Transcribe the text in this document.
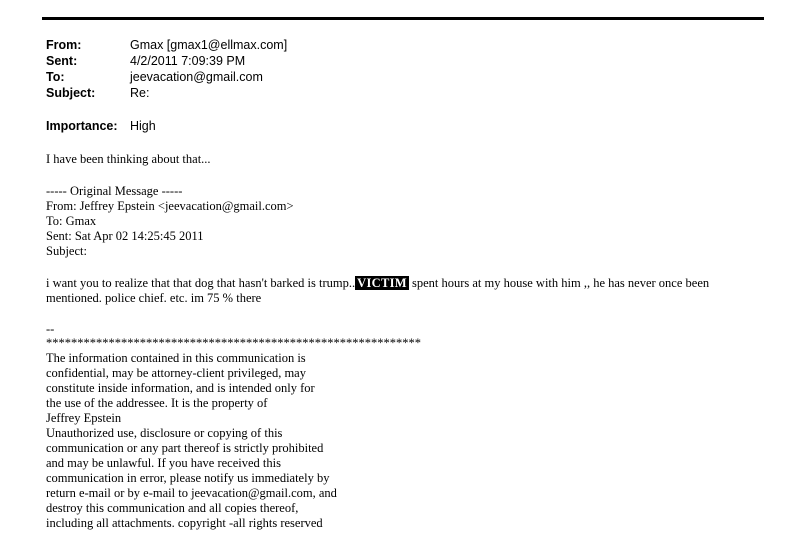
From:	Gmax [gmax1@ellmax.com]
Sent:	4/2/2011 7:09:39 PM
To:	jeevacation@gmail.com
Subject:	Re:
Importance: High
I have been thinking about that...
----- Original Message -----
From: Jeffrey Epstein <jeevacation@gmail.com>
To: Gmax
Sent: Sat Apr 02 14:25:45 2011
Subject:
i want you to realize that that dog that hasn't barked is trump.. VICTIM spent hours at my house with him ,, he has never once been
mentioned. police chief. etc. im 75 % there
--
************************************************************
The information contained in this communication is
confidential, may be attorney-client privileged, may
constitute inside information, and is intended only for
the use of the addressee. It is the property of
Jeffrey Epstein
Unauthorized use, disclosure or copying of this
communication or any part thereof is strictly prohibited
and may be unlawful. If you have received this
communication in error, please notify us immediately by
return e-mail or by e-mail to jeevacation@gmail.com, and
destroy this communication and all copies thereof,
including all attachments. copyright -all rights reserved
